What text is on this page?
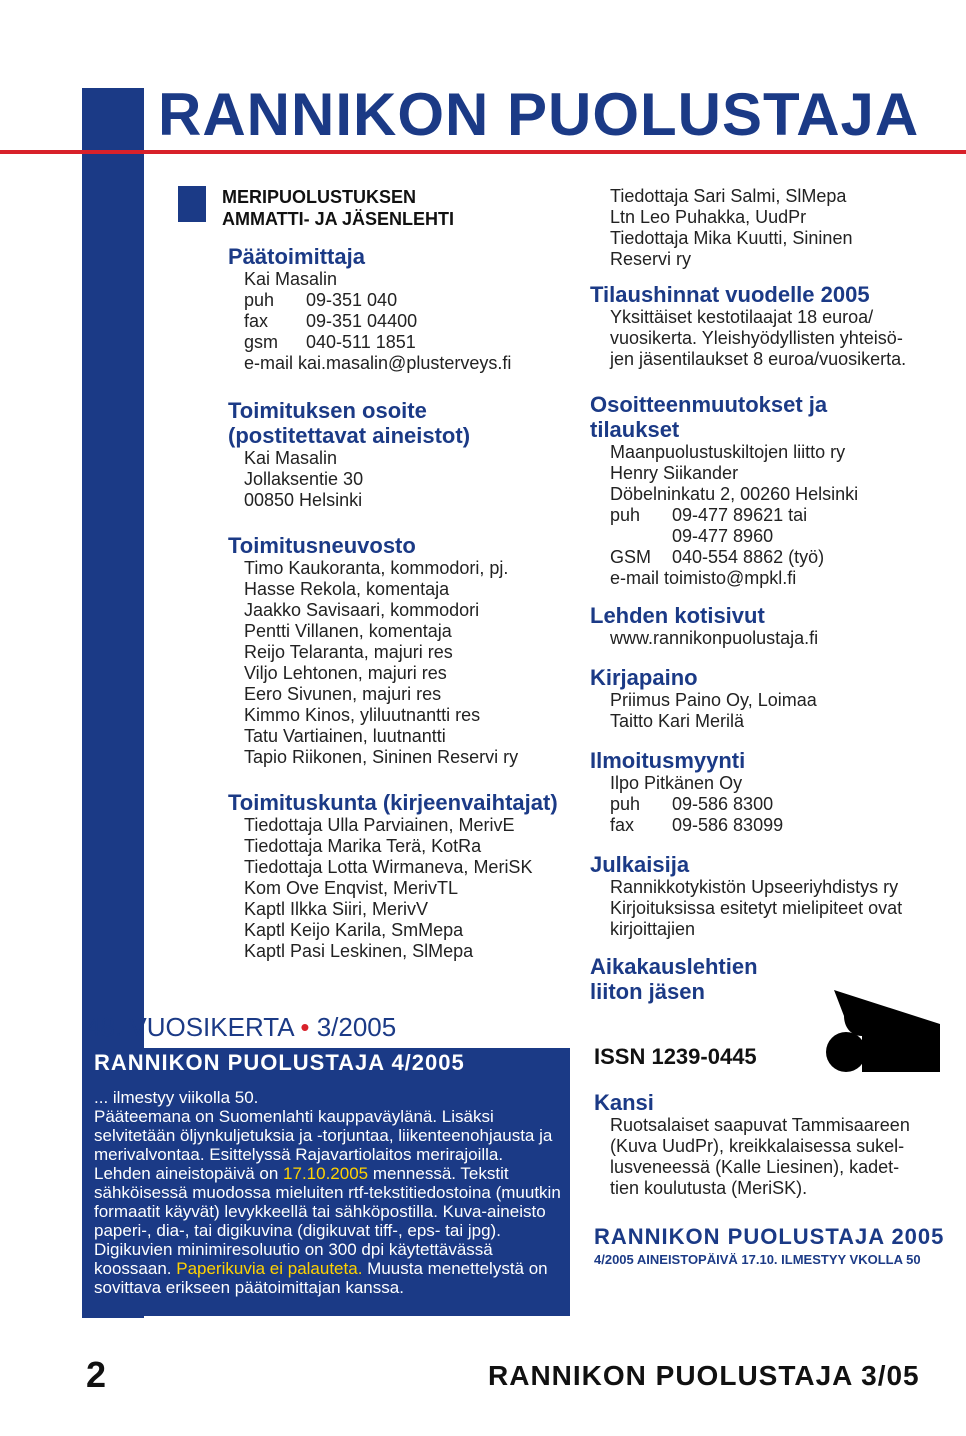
RANNIKON PUOLUSTAJA
MERIPUOLUSTUKSEN
AMMATTI- JA JÄSENLEHTI
Päätoimittaja
Kai Masalin
puh	09-351 040
fax	09-351 04400
gsm	040-511 1851
e-mail kai.masalin@plusterveys.fi
Toimituksen osoite
(postitettavat aineistot)
Kai Masalin
Jollaksentie 30
00850 Helsinki
Toimitusneuvosto
Timo Kaukoranta, kommodori, pj.
Hasse Rekola, komentaja
Jaakko Savisaari, kommodori
Pentti Villanen, komentaja
Reijo Telaranta, majuri res
Viljo Lehtonen, majuri res
Eero Sivunen, majuri res
Kimmo Kinos, yliluutnantti res
Tatu Vartiainen, luutnantti
Tapio Riikonen, Sininen Reservi ry
Toimituskunta (kirjeenvaihtajat)
Tiedottaja Ulla Parviainen, MerivE
Tiedottaja Marika Terä, KotRa
Tiedottaja Lotta Wirmaneva, MeriSK
Kom Ove Enqvist, MerivTL
Kaptl Ilkka Siiri, MerivV
Kaptl Keijo Karila, SmMepa
Kaptl Pasi Leskinen, SlMepa
48. VUOSIKERTA • 3/2005
RANNIKON PUOLUSTAJA 4/2005
... ilmestyy viikolla 50.
Pääteemana on Suomenlahti kauppaväylänä. Lisäksi selvitetään öljynkuljetuksia ja -torjuntaa, liikenteenohjausta ja merivalvontaa. Esittelyssä Rajavartiolaitos merirajoilla. Lehden aineistopäivä on 17.10.2005 mennessä. Tekstit sähköisessä muodossa mieluiten rtf-tekstitiedostoina (muutkin formaatit käyvät) levykkeellä tai sähköpostilla. Kuva-aineisto paperi-, dia-, tai digikuvina (digikuvat tiff-, eps- tai jpg). Digikuvien minimiresoluutio on 300 dpi käytettävässä koossaan. Paperikuvia ei palauteta. Muusta menettelystä on sovittava erikseen päätoimittajan kanssa.
Tiedottaja Sari Salmi, SlMepa
Ltn Leo Puhakka, UudPr
Tiedottaja Mika Kuutti, Sininen
Reservi ry
Tilaushinnat vuodelle 2005
Yksittäiset kestotilaajat 18 euroa/
vuosikerta. Yleishyödyllisten yhteisö-
jen jäsentilaukset 8 euroa/vuosikerta.
Osoitteenmuutokset ja
tilaukset
Maanpuolustuskiltojen liitto ry
Henry Siikander
Döbelninkatu 2, 00260 Helsinki
puh	09-477 89621 tai
09-477 8960
GSM	040-554 8862 (työ)
e-mail toimisto@mpkl.fi
Lehden kotisivut
www.rannikonpuolustaja.fi
Kirjapaino
Priimus Paino Oy, Loimaa
Taitto Kari Merilä
Ilmoitusmyynti
Ilpo Pitkänen Oy
puh	09-586 8300
fax	09-586 83099
Julkaisija
Rannikkotykistön Upseeriyhdistys ry
Kirjoituksissa esitetyt mielipiteet ovat
kirjoittajien
Aikakauslehtien
liiton jäsen
ISSN 1239-0445
Kansi
Ruotsalaiset saapuvat Tammisaareen
(Kuva UudPr), kreikkalaisessa sukel-
lusveneessä (Kalle Liesinen), kadet-
tien koulutusta (MeriSK).
RANNIKON PUOLUSTAJA 2005
4/2005 AINEISTOPÄIVÄ 17.10. ILMESTYY VKOLLA 50
2	RANNIKON PUOLUSTAJA 3/05
